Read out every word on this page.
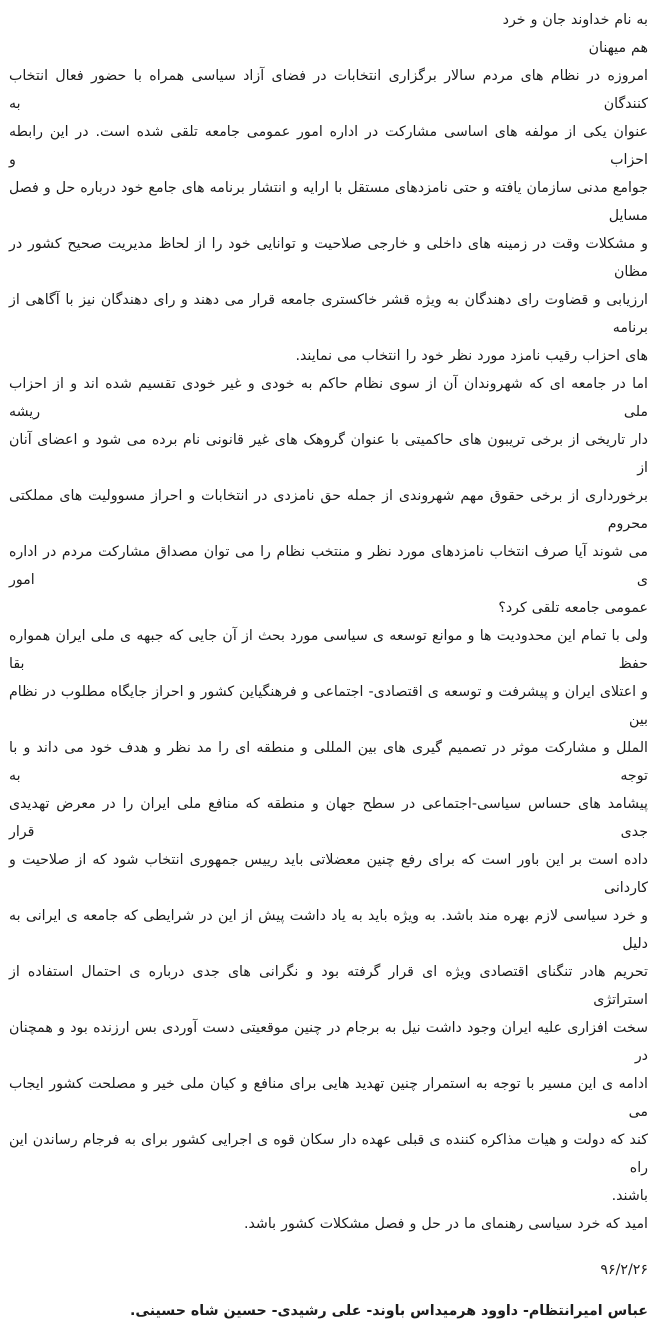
به نام خداوند جان و خرد
هم میهنان
امروزه در نظام های مردم سالار برگزاری انتخابات در فضای آزاد سیاسی همراه با حضور فعال انتخاب کنندگان به
عنوان یکی از مولفه های اساسی مشارکت در اداره امور عمومی جامعه تلقی شده است. در این رابطه احزاب و
جوامع مدنی سازمان یافته و حتی نامزدهای مستقل با ارایه و انتشار برنامه های جامع خود درباره حل و فصل مسایل
و مشکلات وقت در زمینه های داخلی و خارجی صلاحیت و توانایی خود را از لحاظ مدیریت صحیح کشور در مظان
ارزیابی و قضاوت رای دهندگان به ویژه قشر خاکستری جامعه قرار می دهند و رای دهندگان نیز با آگاهی از برنامه
های احزاب رقیب نامزد مورد نظر خود را انتخاب می نمایند.
اما در جامعه ای که شهروندان آن از سوی نظام حاکم به خودی و غیر خودی تقسیم شده اند و از احزاب ملی ریشه
دار تاریخی از برخی تریبون های حاکمیتی با عنوان گروهک های غیر قانونی نام برده می شود و اعضای آنان از
برخورداری از برخی حقوق مهم شهروندی از جمله حق نامزدی در انتخابات و احراز مسوولیت های مملکتی محروم
می شوند آیا صرف انتخاب نامزدهای مورد نظر و منتخب نظام را می توان مصداق مشارکت مردم در اداره ی امور
عمومی جامعه تلقی کرد؟
ولی با تمام این محدودیت ها و موانع توسعه ی سیاسی مورد بحث از آن جایی که جبهه ی ملی ایران همواره حفظ بقا
و اعتلای ایران و پیشرفت و توسعه ی اقتصادی- اجتماعی و فرهنگیاین کشور و احراز جایگاه مطلوب در نظام بین
الملل و مشارکت موثر در تصمیم گیری های بین المللی و منطقه ای را مد نظر و هدف خود می داند و با توجه به
پیشامد های حساس سیاسی-اجتماعی در سطح جهان و منطقه که منافع ملی ایران را در معرض تهدیدی جدی قرار
داده است بر این باور است که برای رفع چنین معضلاتی باید رییس جمهوری انتخاب شود که از صلاحیت و کاردانی
و خرد سیاسی لازم بهره مند باشد. به ویژه باید به یاد داشت پیش از این در شرایطی که جامعه ی ایرانی به دلیل
تحریم هادر تنگنای اقتصادی ویژه ای قرار گرفته بود و نگرانی های جدی درباره ی احتمال استفاده از استراتژی
سخت افزاری علیه ایران وجود داشت نیل به برجام در چنین موقعیتی دست آوردی بس ارزنده بود و همچنان در
ادامه ی این مسیر با توجه به استمرار چنین تهدید هایی برای منافع و کیان ملی خیر و مصلحت کشور ایجاب می
کند که دولت و هیات مذاکره کننده ی قبلی عهده دار سکان قوه ی اجرایی کشور برای به فرجام رساندن این راه
باشند.
امید که خرد سیاسی رهنمای ما در حل و فصل مشکلات کشور باشد.
۹۶/۲/۲۶
عباس امیرانتظام- داوود هرمیداس باوند- علی رشیدی- حسین شاه حسینی.
